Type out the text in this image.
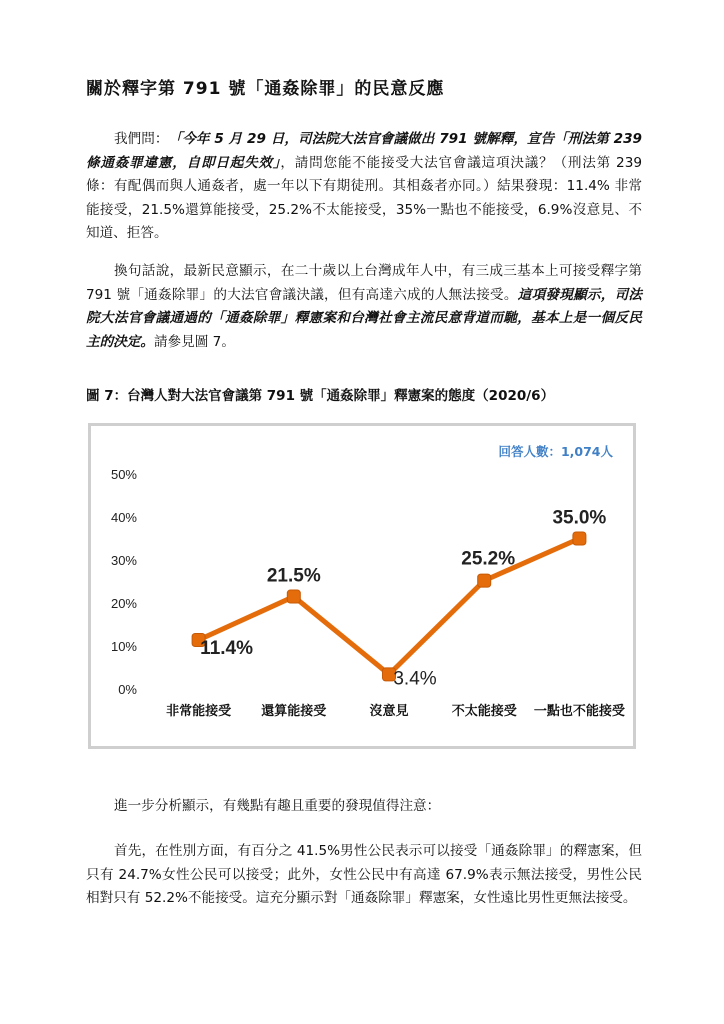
關於釋字第 791 號「通姦除罪」的民意反應
我們問：「今年 5 月 29 日，司法院大法官會議做出 791 號解釋，宣告「刑法第 239 條通姦罪違憲，自即日起失效」，請問您能不能接受大法官會議這項決議？（刑法第 239 條：有配偶而與人通姦者，處一年以下有期徒刑。其相姦者亦同。）結果發現：11.4% 非常能接受，21.5%還算能接受，25.2%不太能接受，35%一點也不能接受，6.9%沒意見、不知道、拒答。
換句話說，最新民意顯示，在二十歲以上台灣成年人中，有三成三基本上可接受釋字第 791 號「通姦除罪」的大法官會議決議，但有高達六成的人無法接受。這項發現顯示，司法院大法官會議通過的「通姦除罪」釋憲案和台灣社會主流民意背道而馳，基本上是一個反民主的決定。請參見圖 7。
圖 7：台灣人對大法官會議第 791 號「通姦除罪」釋憲案的態度（2020/6）
0%
10%
20%
30%
40%
50%
非常能接受 還算能接受	沒意見	不太能接受 一點也不能接受
11.4%
21.5%
3.4%
25.2%
35.0%
回答人數：1,074人
進一步分析顯示，有幾點有趣且重要的發現值得注意：
首先，在性別方面，有百分之 41.5%男性公民表示可以接受「通姦除罪」的釋憲案，但只有 24.7%女性公民可以接受；此外，女性公民中有高達 67.9%表示無法接受，男性公民相對只有 52.2%不能接受。這充分顯示對「通姦除罪」釋憲案，女性遠比男性更無法接受。
